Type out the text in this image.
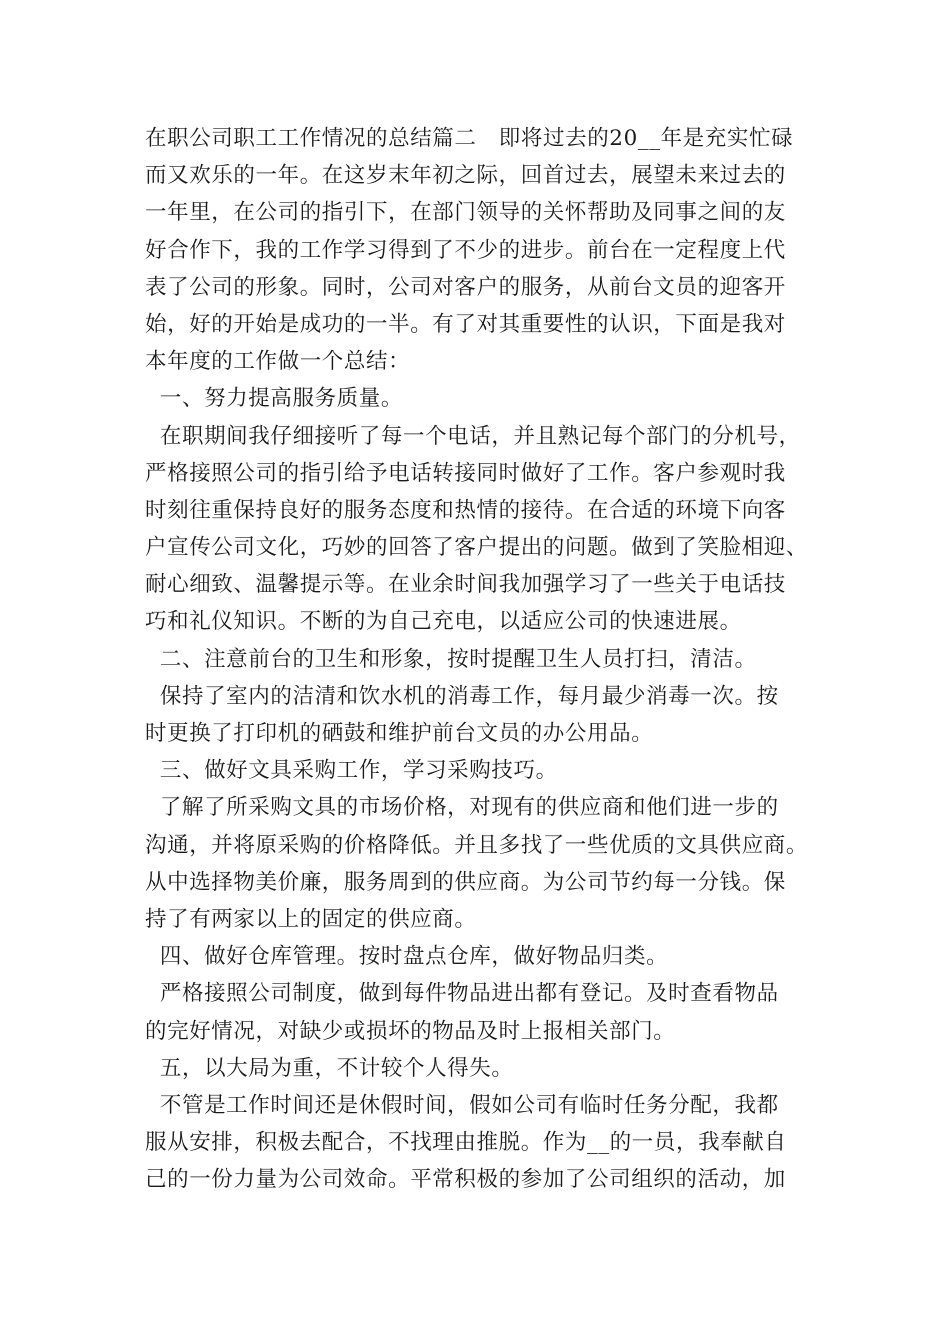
在职公司职工工作情况的总结篇二   即将过去的20__年是充实忙碌
而又欢乐的一年。在这岁末年初之际，回首过去，展望未来过去的
一年里，在公司的指引下，在部门领导的关怀帮助及同事之间的友
好合作下，我的工作学习得到了不少的进步。前台在一定程度上代
表了公司的形象。同时，公司对客户的服务，从前台文员的迎客开
始，好的开始是成功的一半。有了对其重要性的认识，下面是我对
本年度的工作做一个总结：
一、努力提高服务质量。
在职期间我仔细接听了每一个电话，并且熟记每个部门的分机号，
严格接照公司的指引给予电话转接同时做好了工作。客户参观时我
时刻往重保持良好的服务态度和热情的接待。在合适的环境下向客
户宣传公司文化，巧妙的回答了客户提出的问题。做到了笑脸相迎、
耐心细致、温馨提示等。在业余时间我加强学习了一些关于电话技
巧和礼仪知识。不断的为自己充电，以适应公司的快速进展。
二、注意前台的卫生和形象，按时提醒卫生人员打扫，清洁。
保持了室内的洁清和饮水机的消毒工作，每月最少消毒一次。按
时更换了打印机的硒鼓和维护前台文员的办公用品。
三、做好文具采购工作，学习采购技巧。
了解了所采购文具的市场价格，对现有的供应商和他们进一步的
沟通，并将原采购的价格降低。并且多找了一些优质的文具供应商。
从中选择物美价廉，服务周到的供应商。为公司节约每一分钱。保
持了有两家以上的固定的供应商。
四、做好仓库管理。按时盘点仓库，做好物品归类。
严格接照公司制度，做到每件物品进出都有登记。及时查看物品
的完好情况，对缺少或损坏的物品及时上报相关部门。
五，以大局为重，不计较个人得失。
不管是工作时间还是休假时间，假如公司有临时任务分配，我都
服从安排，积极去配合，不找理由推脱。作为__的一员，我奉献自
己的一份力量为公司效命。平常积极的参加了公司组织的活动，加
